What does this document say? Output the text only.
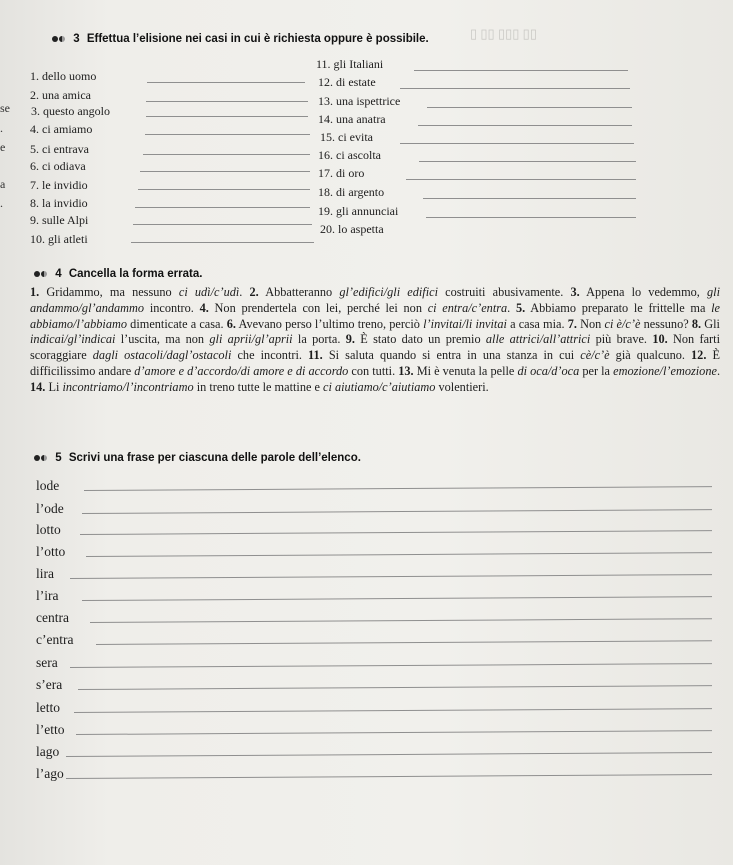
se
.
e
a
.
▯ ▯▯ ▯▯▯ ▯▯
3 Effettua l’elisione nei casi in cui è richiesta oppure è possibile.
1. dello uomo
2. una amica
3. questo angolo
4. ci amiamo
5. ci entrava
6. ci odiava
7. le invidio
8. la invidio
9. sulle Alpi
10. gli atleti
11. gli Italiani
12. di estate
13. una ispettrice
14. una anatra
15. ci evita
16. ci ascolta
17. di oro
18. di argento
19. gli annunciai
20. lo aspetta
4 Cancella la forma errata.
1. Gridammo, ma nessuno ci udì/c’udì. 2. Abbatteranno gl’edifici/gli edifici costruiti abusivamente. 3. Appena lo vedemmo, gli andammo/gl’andammo incontro. 4. Non prendertela con lei, perché lei non ci entra/c’entra. 5. Abbiamo preparato le frittelle ma le abbiamo/l’abbiamo dimenticate a casa. 6. Avevano perso l’ultimo treno, perciò l’invitai/li invitai a casa mia. 7. Non ci è/c’è nessuno? 8. Gli indicai/gl’indicai l’uscita, ma non gli aprii/gl’aprii la porta. 9. È stato dato un premio alle attrici/all’attrici più brave. 10. Non farti scoraggiare dagli ostacoli/dagl’ostacoli che incontri. 11. Si saluta quando si entra in una stanza in cui cè/c’è già qualcuno. 12. È difficilissimo andare d’amore e d’accordo/di amore e di accordo con tutti. 13. Mi è venuta la pelle di oca/d’oca per la emozione/l’emozione. 14. Li incontriamo/l’incontriamo in treno tutte le mattine e ci aiutiamo/c’aiutiamo volentieri.
5 Scrivi una frase per ciascuna delle parole dell’elenco.
lode
l’ode
lotto
l’otto
lira
l’ira
centra
c’entra
sera
s’era
letto
l’etto
lago
l’ago
